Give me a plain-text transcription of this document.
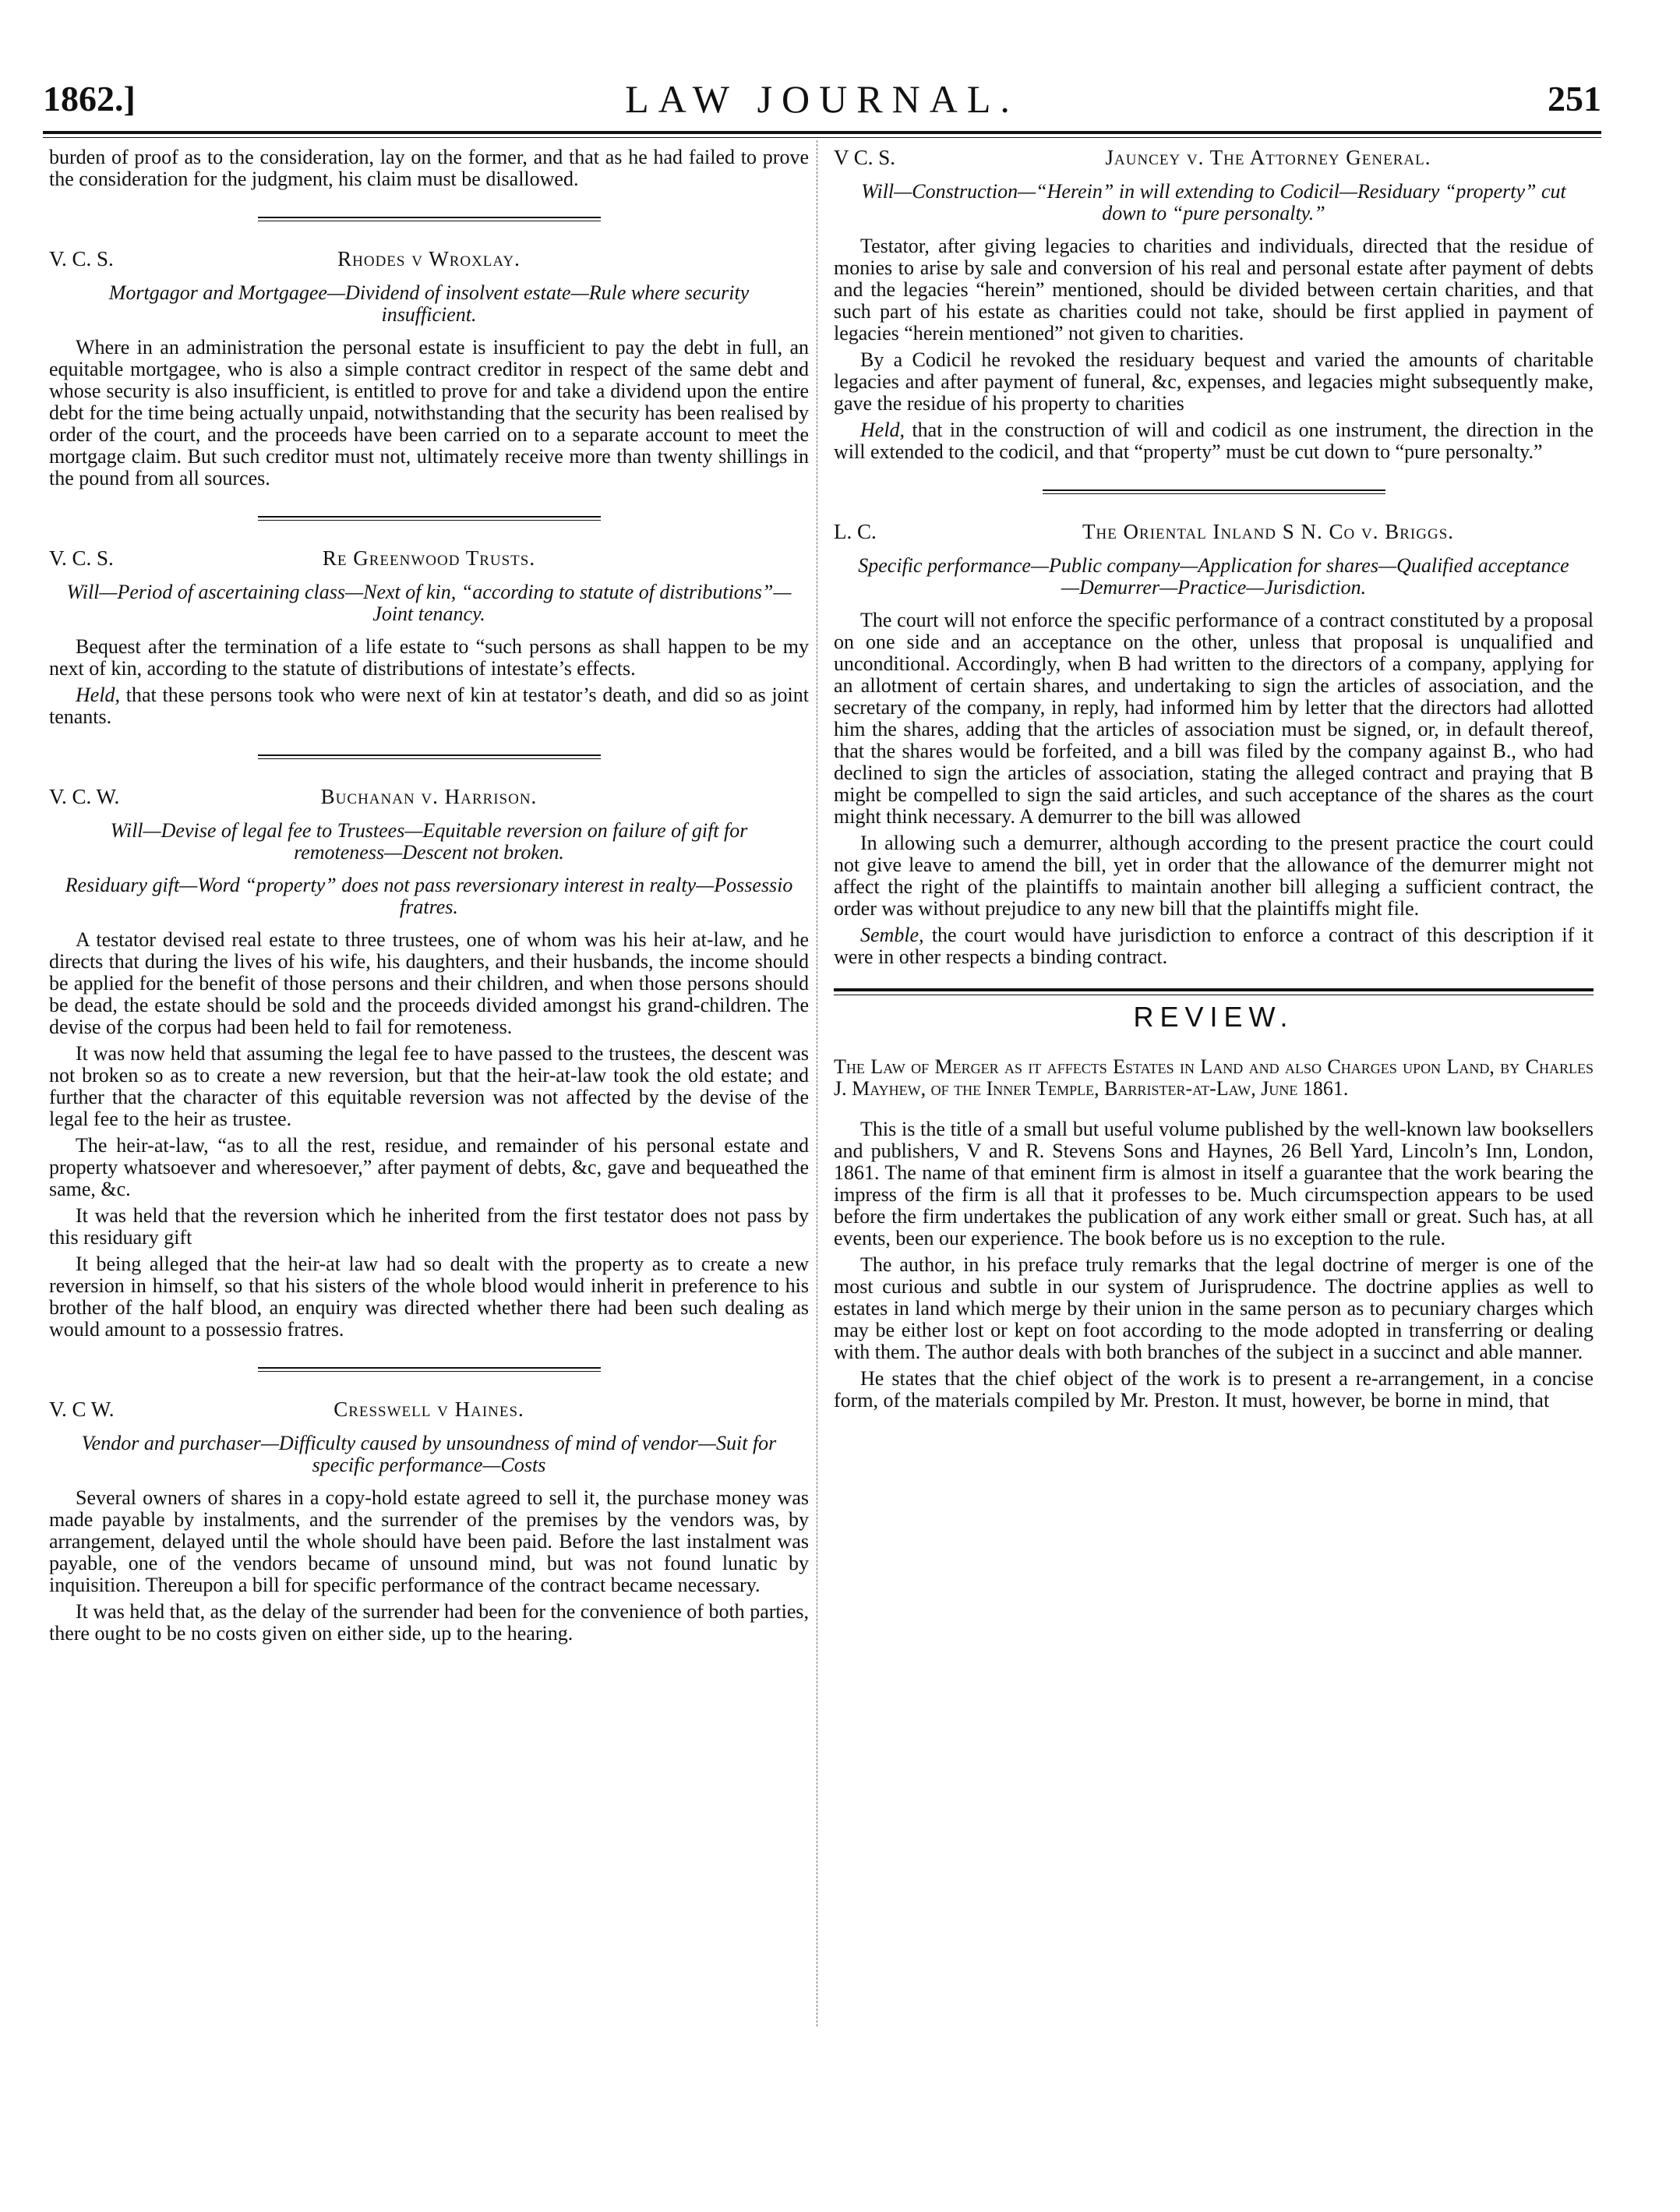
1862.]	LAW JOURNAL.	251

burden of proof as to the consideration, lay on the former, and that as he had failed to prove the consideration for the judgment, his claim must be disallowed.

V. C. S.	Rhodes v Wroxlay.

Mortgagor and Mortgagee—Dividend of insolvent estate—Rule where security insufficient.

Where in an administration the personal estate is insufficient to pay the debt in full, an equitable mortgagee, who is also a simple contract creditor in respect of the same debt and whose security is also insufficient, is entitled to prove for and take a dividend upon the entire debt for the time being actually unpaid, notwithstanding that the security has been realised by order of the court, and the proceeds have been carried on to a separate account to meet the mortgage claim. But such creditor must not, ultimately receive more than twenty shillings in the pound from all sources.

V. C. S.	Re Greenwood Trusts.

Will—Period of ascertaining class—Next of kin, “according to statute of distributions”—Joint tenancy.

Bequest after the termination of a life estate to “such persons as shall happen to be my next of kin, according to the statute of distributions of intestate’s effects.

Held, that these persons took who were next of kin at testator’s death, and did so as joint tenants.

V. C. W.	Buchanan v. Harrison.

Will—Devise of legal fee to Trustees—Equitable reversion on failure of gift for remoteness—Descent not broken.

Residuary gift—Word “property” does not pass reversionary interest in realty—Possessio fratres.

A testator devised real estate to three trustees, one of whom was his heir at-law, and he directs that during the lives of his wife, his daughters, and their husbands, the income should be applied for the benefit of those persons and their children, and when those persons should be dead, the estate should be sold and the proceeds divided amongst his grand-children. The devise of the corpus had been held to fail for remoteness.

It was now held that assuming the legal fee to have passed to the trustees, the descent was not broken so as to create a new reversion, but that the heir-at-law took the old estate; and further that the character of this equitable reversion was not affected by the devise of the legal fee to the heir as trustee.

The heir-at-law, “as to all the rest, residue, and remainder of his personal estate and property whatsoever and wheresoever,” after payment of debts, &c, gave and bequeathed the same, &c.

It was held that the reversion which he inherited from the first testator does not pass by this residuary gift

It being alleged that the heir-at law had so dealt with the property as to create a new reversion in himself, so that his sisters of the whole blood would inherit in preference to his brother of the half blood, an enquiry was directed whether there had been such dealing as would amount to a possessio fratres.

V. C W.	Cresswell v Haines.

Vendor and purchaser—Difficulty caused by unsoundness of mind of vendor—Suit for specific performance—Costs

Several owners of shares in a copy-hold estate agreed to sell it, the purchase money was made payable by instalments, and the surrender of the premises by the vendors was, by arrangement, delayed until the whole should have been paid. Before the last instalment was payable, one of the vendors became of unsound mind, but was not found lunatic by inquisition. Thereupon a bill for specific performance of the contract became necessary.

It was held that, as the delay of the surrender had been for the convenience of both parties, there ought to be no costs given on either side, up to the hearing.

V C. S.	Jauncey v. The Attorney General.

Will—Construction—“Herein” in will extending to Codicil—Residuary “property” cut down to “pure personalty.”

Testator, after giving legacies to charities and individuals, directed that the residue of monies to arise by sale and conversion of his real and personal estate after payment of debts and the legacies “herein” mentioned, should be divided between certain charities, and that such part of his estate as charities could not take, should be first applied in payment of legacies “herein mentioned” not given to charities.

By a Codicil he revoked the residuary bequest and varied the amounts of charitable legacies and after payment of funeral, &c, expenses, and legacies might subsequently make, gave the residue of his property to charities

Held, that in the construction of will and codicil as one instrument, the direction in the will extended to the codicil, and that “property” must be cut down to “pure personalty.”

L. C.	The Oriental Inland S N. Co v. Briggs.

Specific performance—Public company—Application for shares—Qualified acceptance—Demurrer—Practice—Jurisdiction.

The court will not enforce the specific performance of a contract constituted by a proposal on one side and an acceptance on the other, unless that proposal is unqualified and unconditional. Accordingly, when B had written to the directors of a company, applying for an allotment of certain shares, and undertaking to sign the articles of association, and the secretary of the company, in reply, had informed him by letter that the directors had allotted him the shares, adding that the articles of association must be signed, or, in default thereof, that the shares would be forfeited, and a bill was filed by the company against B., who had declined to sign the articles of association, stating the alleged contract and praying that B might be compelled to sign the said articles, and such acceptance of the shares as the court might think necessary. A demurrer to the bill was allowed

In allowing such a demurrer, although according to the present practice the court could not give leave to amend the bill, yet in order that the allowance of the demurrer might not affect the right of the plaintiffs to maintain another bill alleging a sufficient contract, the order was without prejudice to any new bill that the plaintiffs might file.

Semble, the court would have jurisdiction to enforce a contract of this description if it were in other respects a binding contract.

REVIEW.

The Law of Merger as it affects Estates in Land and also Charges upon Land, by Charles J. Mayhew, of the Inner Temple, Barrister-at-Law, June 1861.

This is the title of a small but useful volume published by the well-known law booksellers and publishers, V and R. Stevens Sons and Haynes, 26 Bell Yard, Lincoln’s Inn, London, 1861. The name of that eminent firm is almost in itself a guarantee that the work bearing the impress of the firm is all that it professes to be. Much circumspection appears to be used before the firm undertakes the publication of any work either small or great. Such has, at all events, been our experience. The book before us is no exception to the rule.

The author, in his preface truly remarks that the legal doctrine of merger is one of the most curious and subtle in our system of Jurisprudence. The doctrine applies as well to estates in land which merge by their union in the same person as to pecuniary charges which may be either lost or kept on foot according to the mode adopted in transferring or dealing with them. The author deals with both branches of the subject in a succinct and able manner.

He states that the chief object of the work is to present a re-arrangement, in a concise form, of the materials compiled by Mr. Preston. It must, however, be borne in mind, that
